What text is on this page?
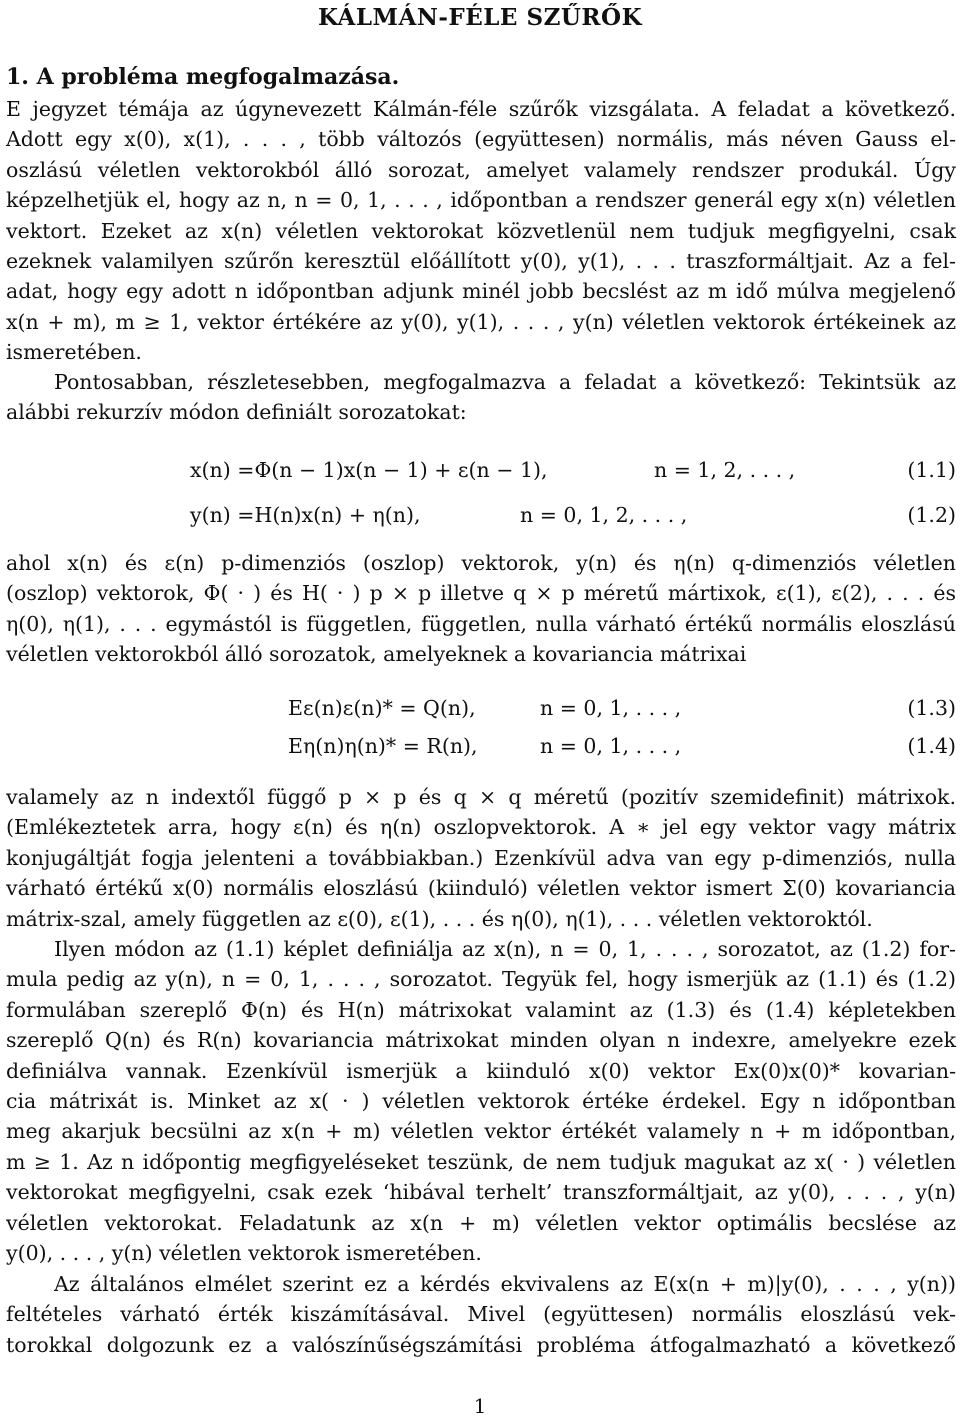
KÁLMÁN-FÉLE SZŰRŐK
1. A probléma megfogalmazása.
E jegyzet témája az úgynevezett Kálmán-féle szűrők vizsgálata. A feladat a következő.
Adott egy x(0), x(1), . . . , több változós (együttesen) normális, más néven Gauss el-
oszlású véletlen vektorokból álló sorozat, amelyet valamely rendszer produkál. Úgy
képzelhetjük el, hogy az n, n = 0, 1, . . . , időpontban a rendszer generál egy x(n) véletlen
vektort. Ezeket az x(n) véletlen vektorokat közvetlenül nem tudjuk megfigyelni, csak
ezeknek valamilyen szűrőn keresztül előállított y(0), y(1), . . . traszformáltjait. Az a fel-
adat, hogy egy adott n időpontban adjunk minél jobb becslést az m idő múlva megjelenő
x(n + m), m ≥ 1, vektor értékére az y(0), y(1), . . . , y(n) véletlen vektorok értékeinek az
ismeretében.
Pontosabban, részletesebben, megfogalmazva a feladat a következő: Tekintsük az
alábbi rekurzív módon definiált sorozatokat:
x(n) =Φ(n − 1)x(n − 1) + ε(n − 1),	n = 1, 2, . . . ,	(1.1)
y(n) =H(n)x(n) + η(n),	n = 0, 1, 2, . . . ,	(1.2)
ahol x(n) és ε(n) p-dimenziós (oszlop) vektorok, y(n) és η(n) q-dimenziós véletlen
(oszlop) vektorok, Φ( · ) és H( · ) p × p illetve q × p méretű mártixok, ε(1), ε(2), . . . és
η(0), η(1), . . . egymástól is független, független, nulla várható értékű normális eloszlású
véletlen vektorokból álló sorozatok, amelyeknek a kovariancia mátrixai
Eε(n)ε(n)* = Q(n),	n = 0, 1, . . . ,	(1.3)
Eη(n)η(n)* = R(n),	n = 0, 1, . . . ,	(1.4)
valamely az n indextől függő p × p és q × q méretű (pozitív szemidefinit) mátrixok.
(Emlékeztetek arra, hogy ε(n) és η(n) oszlopvektorok. A ∗ jel egy vektor vagy mátrix
konjugáltját fogja jelenteni a továbbiakban.) Ezenkívül adva van egy p-dimenziós, nulla
várható értékű x(0) normális eloszlású (kiinduló) véletlen vektor ismert Σ(0) kovariancia
mátrix-szal, amely független az ε(0), ε(1), . . . és η(0), η(1), . . . véletlen vektoroktól.
Ilyen módon az (1.1) képlet definiálja az x(n), n = 0, 1, . . . , sorozatot, az (1.2) for-
mula pedig az y(n), n = 0, 1, . . . , sorozatot. Tegyük fel, hogy ismerjük az (1.1) és (1.2)
formulában szereplő Φ(n) és H(n) mátrixokat valamint az (1.3) és (1.4) képletekben
szereplő Q(n) és R(n) kovariancia mátrixokat minden olyan n indexre, amelyekre ezek
definiálva vannak. Ezenkívül ismerjük a kiinduló x(0) vektor Ex(0)x(0)* kovarian-
cia mátrixát is. Minket az x( · ) véletlen vektorok értéke érdekel. Egy n időpontban
meg akarjuk becsülni az x(n + m) véletlen vektor értékét valamely n + m időpontban,
m ≥ 1. Az n időpontig megfigyeléseket teszünk, de nem tudjuk magukat az x( · ) véletlen
vektorokat megfigyelni, csak ezek ‘hibával terhelt’ transzformáltjait, az y(0), . . . , y(n)
véletlen vektorokat. Feladatunk az x(n + m) véletlen vektor optimális becslése az
y(0), . . . , y(n) véletlen vektorok ismeretében.
Az általános elmélet szerint ez a kérdés ekvivalens az E(x(n + m)|y(0), . . . , y(n))
feltételes várható érték kiszámításával. Mivel (együttesen) normális eloszlású vek-
torokkal dolgozunk ez a valószínűségszámítási probléma átfogalmazható a következő
1
